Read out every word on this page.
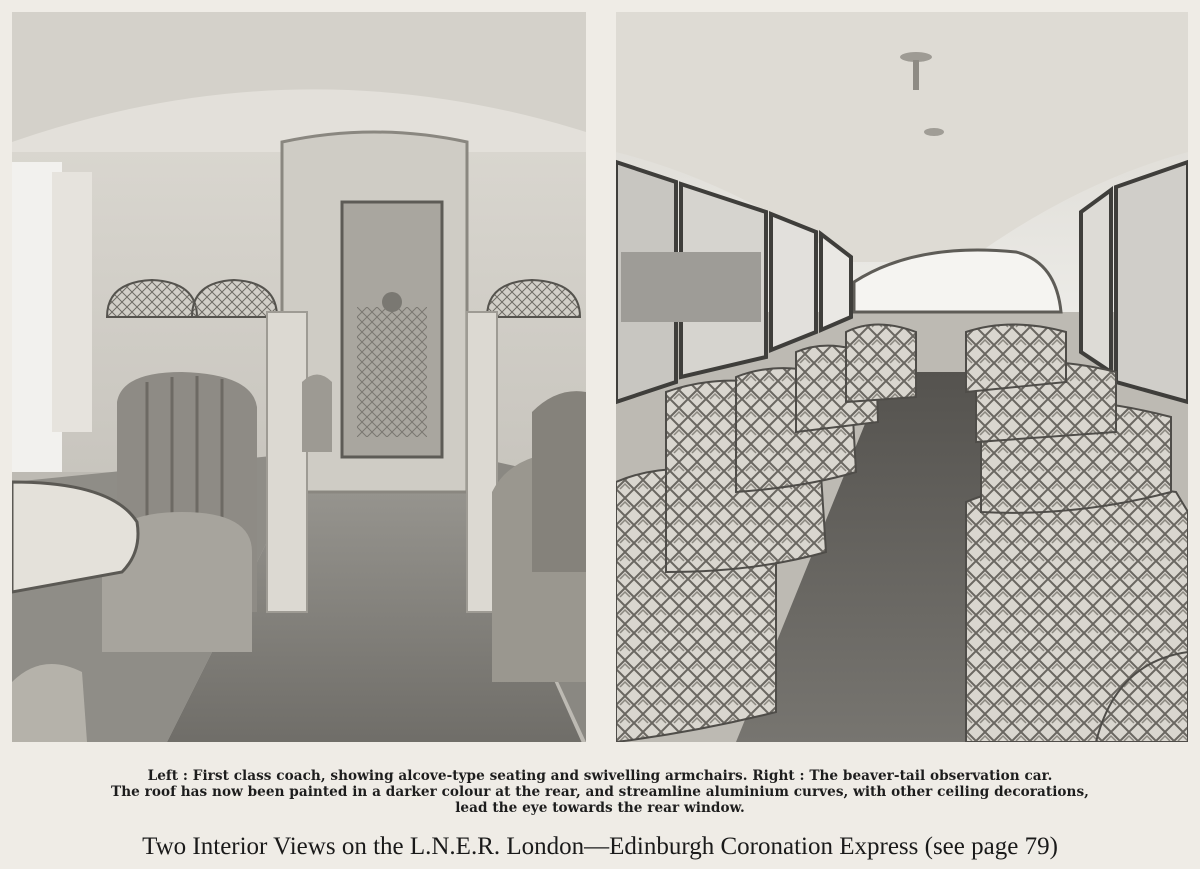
Left : First class coach, showing alcove-type seating and swivelling armchairs. Right : The beaver-tail observation car.
The roof has now been painted in a darker colour at the rear, and streamline aluminium curves, with other ceiling decorations,
lead the eye towards the rear window.
Two Interior Views on the L.N.E.R. London—Edinburgh Coronation Express (see page 79)
